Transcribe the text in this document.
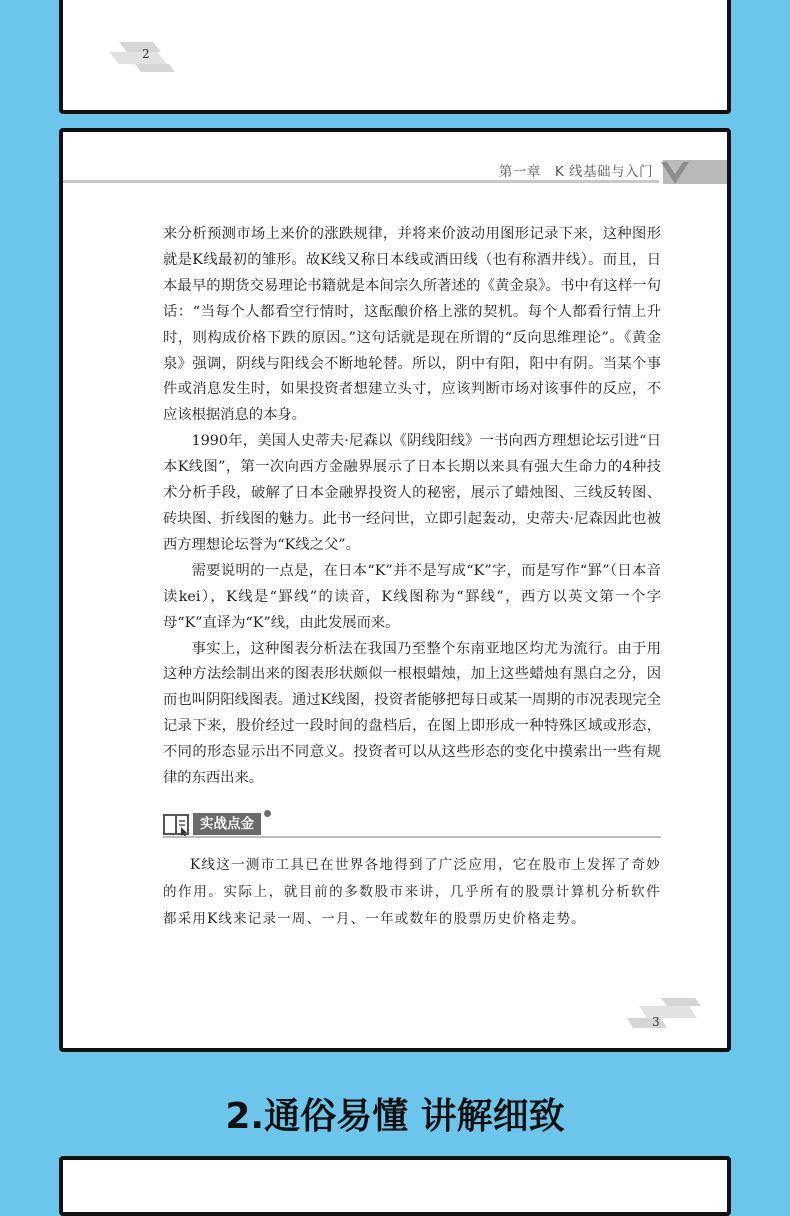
2
第一章　K 线基础与入门

来分析预测市场上来价的涨跌规律，并将来价波动用图形记录下来，这种图形就是K线最初的雏形。故K线又称日本线或酒田线（也有称酒井线）。而且，日本最早的期货交易理论书籍就是本间宗久所著述的《黄金泉》。书中有这样一句话：“当每个人都看空行情时，这酝酿价格上涨的契机。每个人都看行情上升时，则构成价格下跌的原因。”这句话就是现在所谓的“反向思维理论”。《黄金泉》强调，阴线与阳线会不断地轮替。所以，阴中有阳，阳中有阴。当某个事件或消息发生时，如果投资者想建立头寸，应该判断市场对该事件的反应，不应该根据消息的本身。

1990年，美国人史蒂夫·尼森以《阴线阳线》一书向西方理想论坛引进“日本K线图”，第一次向西方金融界展示了日本长期以来具有强大生命力的4种技术分析手段，破解了日本金融界投资人的秘密，展示了蜡烛图、三线反转图、砖块图、折线图的魅力。此书一经问世，立即引起轰动，史蒂夫·尼森因此也被西方理想论坛誉为“K线之父”。

需要说明的一点是，在日本“K”并不是写成“K”字，而是写作“罫”（日本音读kei），K线是“罫线”的读音，K线图称为“罫线”，西方以英文第一个字母“K”直译为“K”线，由此发展而来。

事实上，这种图表分析法在我国乃至整个东南亚地区均尤为流行。由于用这种方法绘制出来的图表形状颇似一根根蜡烛，加上这些蜡烛有黑白之分，因而也叫阴阳线图表。通过K线图，投资者能够把每日或某一周期的市况表现完全记录下来，股价经过一段时间的盘档后，在图上即形成一种特殊区域或形态，不同的形态显示出不同意义。投资者可以从这些形态的变化中摸索出一些有规律的东西出来。

实战点金

K线这一测市工具已在世界各地得到了广泛应用，它在股市上发挥了奇妙的作用。实际上，就目前的多数股市来讲，几乎所有的股票计算机分析软件都采用K线来记录一周、一月、一年或数年的股票历史价格走势。

3
2.通俗易懂 讲解细致
